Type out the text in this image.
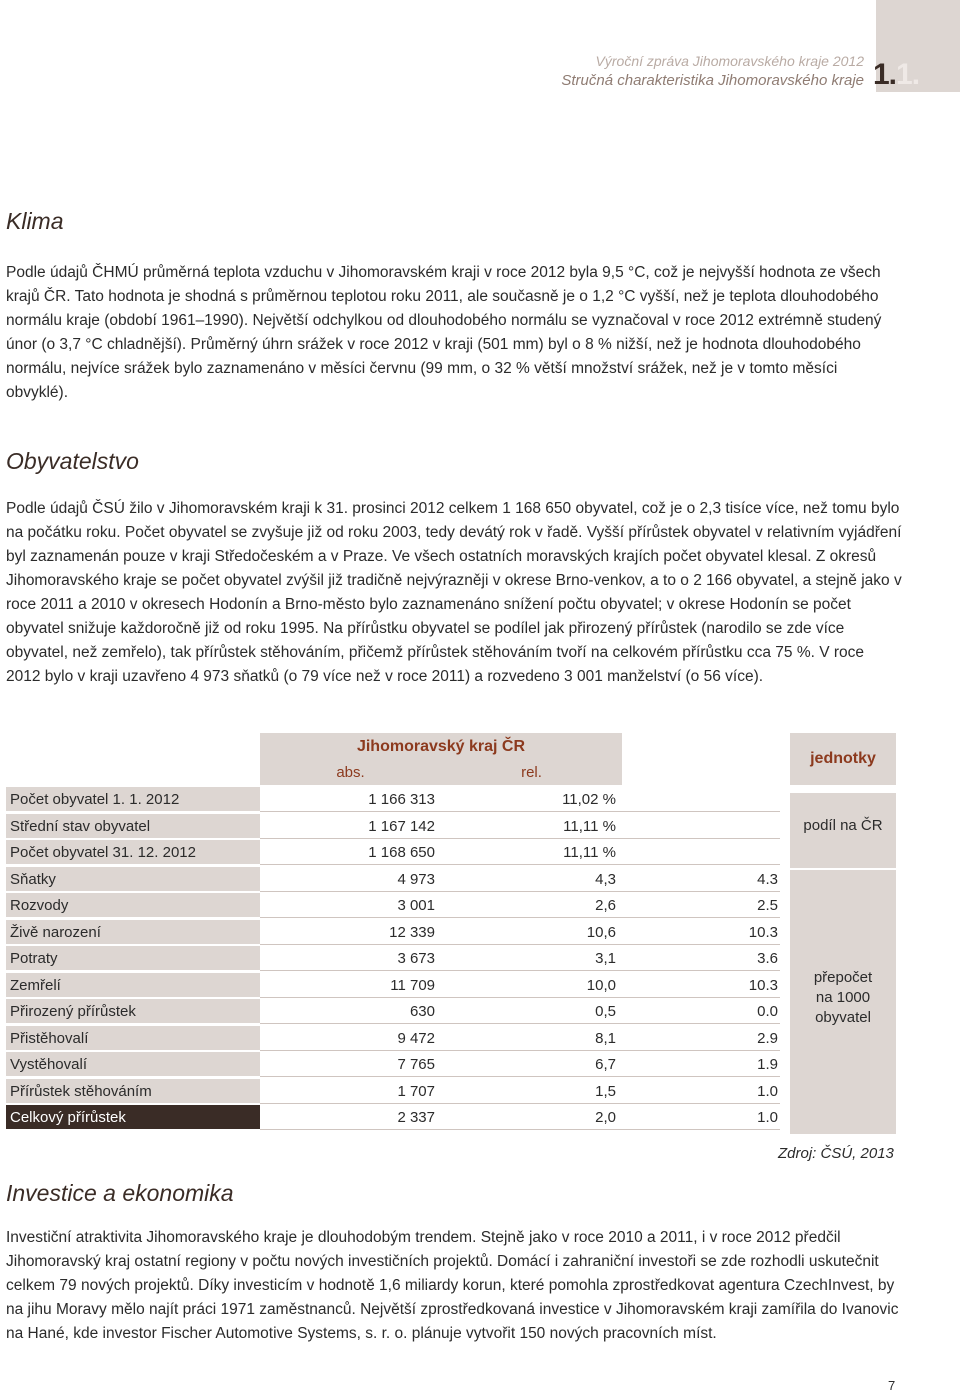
Výroční zpráva Jihomoravského kraje 2012
Stručná charakteristika Jihomoravského kraje 1.1.
Klima

Podle údajů ČHMÚ průměrná teplota vzduchu v Jihomoravském kraji v roce 2012 byla 9,5 °C, což je nejvyšší hodnota ze všech krajů ČR. Tato hodnota je shodná s průměrnou teplotou roku 2011, ale současně je o 1,2 °C vyšší, než je teplota dlouhodobého normálu kraje (období 1961–1990). Největší odchylkou od dlouhodobého normálu se vyznačoval v roce 2012 extrémně studený únor (o 3,7 °C chladnější). Průměrný úhrn srážek v roce 2012 v kraji (501 mm) byl o 8 % nižší, než je hodnota dlouhodobého normálu, nejvíce srážek bylo zaznamenáno v měsíci červnu (99 mm, o 32 % větší množství srážek, než je v tomto měsíci obvyklé).

Obyvatelstvo

Podle údajů ČSÚ žilo v Jihomoravském kraji k 31. prosinci 2012 celkem 1 168 650 obyvatel, což je o 2,3 tisíce více, než tomu bylo na počátku roku. Počet obyvatel se zvyšuje již od roku 2003, tedy devátý rok v řadě. Vyšší přírůstek obyvatel v relativním vyjádření byl zaznamenán pouze v kraji Středočeském a v Praze. Ve všech ostatních moravských krajích počet obyvatel klesal. Z okresů Jihomoravského kraje se počet obyvatel zvýšil již tradičně nejvýrazněji v okrese Brno-venkov, a to o 2 166 obyvatel, a stejně jako v roce 2011 a 2010 v okresech Hodonín a Brno-město bylo zaznamenáno snížení počtu obyvatel; v okrese Hodonín se počet obyvatel snižuje každoročně již od roku 1995. Na přírůstku obyvatel se podílel jak přirozený přírůstek (narodilo se zde více obyvatel, než zemřelo), tak přírůstek stěhováním, přičemž přírůstek stěhováním tvoří na celkovém přírůstku cca 75 %. V roce 2012 bylo v kraji uzavřeno 4 973 sňatků (o 79 více než v roce 2011) a rozvedeno 3 001 manželství (o 56 více).

Jihomoravský kraj ČR
abs.	rel.
Počet obyvatel 1. 1. 2012	1 166 313	11,02 %
Střední stav obyvatel	1 167 142	11,11 %
Počet obyvatel 31. 12. 2012	1 168 650	11,11 %
Sňatky	4 973	4,3	4.3
Rozvody	3 001	2,6	2.5
Živě narození	12 339	10,6	10.3
Potraty	3 673	3,1	3.6
Zemřelí	11 709	10,0	10.3
Přirozený přírůstek	630	0,5	0.0
Přistěhovalí	9 472	8,1	2.9
Vystěhovalí	7 765	6,7	1.9
Přírůstek stěhováním	1 707	1,5	1.0
Celkový přírůstek	2 337	2,0	1.0
jednotky
podíl na ČR
přepočet
na 1000
obyvatel
Zdroj: ČSÚ, 2013
Investice a ekonomika

Investiční atraktivita Jihomoravského kraje je dlouhodobým trendem. Stejně jako v roce 2010 a 2011, i v roce 2012 předčil Jihomoravský kraj ostatní regiony v počtu nových investičních projektů. Domácí i zahraniční investoři se zde rozhodli uskutečnit celkem 79 nových projektů. Díky investicím v hodnotě 1,6 miliardy korun, které pomohla zprostředkovat agentura CzechInvest, by na jihu Moravy mělo najít práci 1971 zaměstnanců. Největší zprostředkovaná investice v Jihomoravském kraji zamířila do Ivanovic na Hané, kde investor Fischer Automotive Systems, s. r. o. plánuje vytvořit 150 nových pracovních míst.

7
